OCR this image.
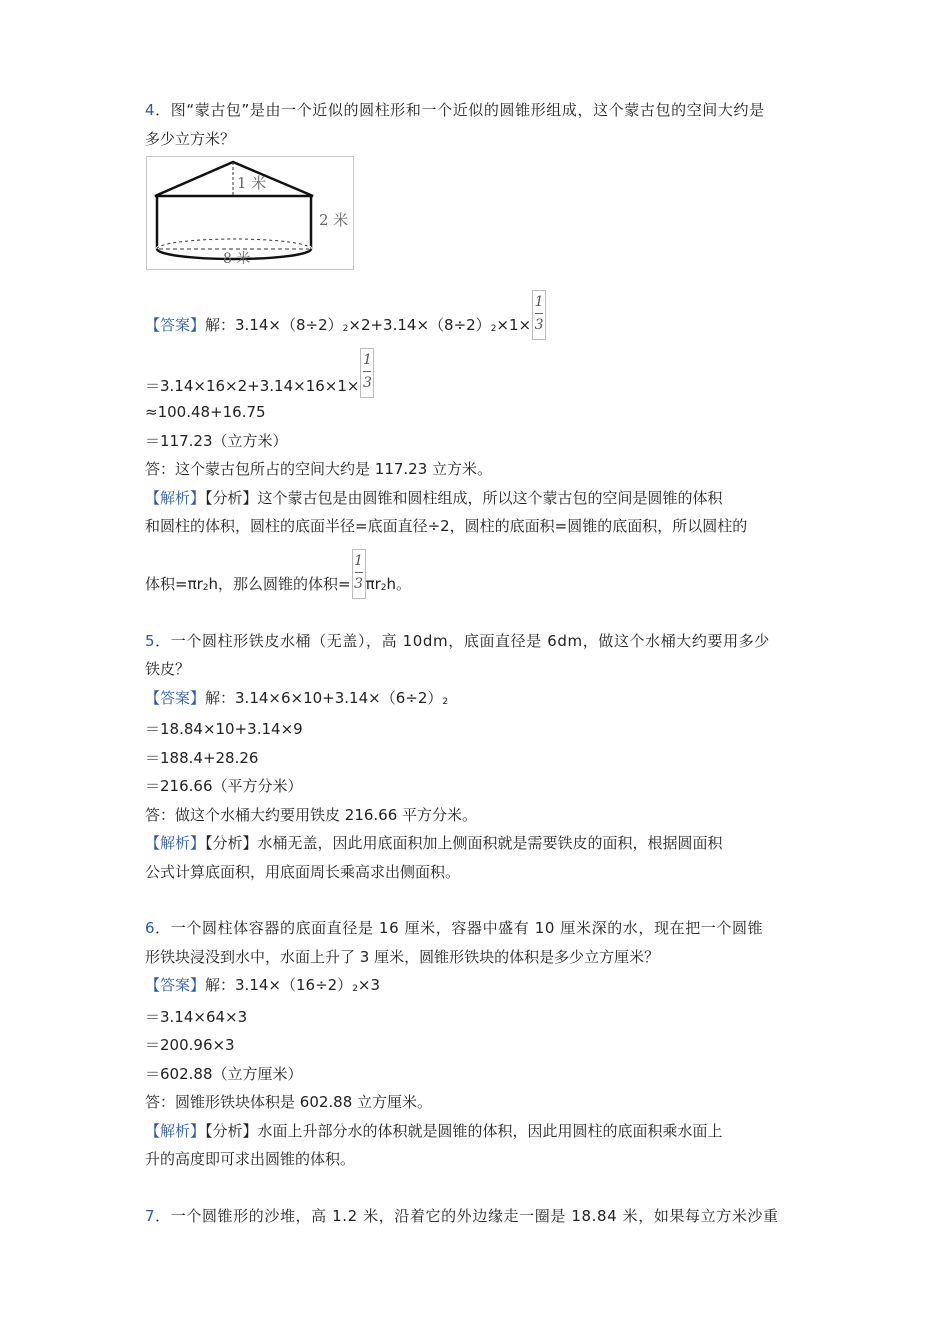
4．图“蒙古包”是由一个近似的圆柱形和一个近似的圆锥形组成，这个蒙古包的空间大约是
多少立方米？
1 米
2 米
8 米
【答案】解：$3.14\times(8\div 2)^2\times 2+3.14\times(8\div 2)^2\times 1\times \frac{1}{3}$
$=3.14\times 16\times 2+3.14\times 16\times 1\times \frac{1}{3}$
≈100.48+16.75
＝117.23（立方米）
答：这个蒙古包所占的空间大约是 117.23 立方米。
【解析】【分析】这个蒙古包是由圆锥和圆柱组成，所以这个蒙古包的空间是圆锥的体积
和圆柱的体积，圆柱的底面半径=底面直径÷2，圆柱的底面积=圆锥的底面积，所以圆柱的
体积$=\pi r^2h$，那么圆锥的体积= $\frac{1}{3} \pi r^2h$。
5．一个圆柱形铁皮水桶（无盖），高 10dm，底面直径是 6dm，做这个水桶大约要用多少
铁皮？
【答案】解：$3.14\times 6\times 10+3.14\times(6\div 2)^2$
＝18.84×10+3.14×9
＝188.4+28.26
＝216.66（平方分米）
答：做这个水桶大约要用铁皮 216.66 平方分米。
【解析】【分析】水桶无盖，因此用底面积加上侧面积就是需要铁皮的面积，根据圆面积
公式计算底面积，用底面周长乘高求出侧面积。
6．一个圆柱体容器的底面直径是 16 厘米，容器中盛有 10 厘米深的水，现在把一个圆锥
形铁块浸没到水中，水面上升了 3 厘米，圆锥形铁块的体积是多少立方厘米？
【答案】解：$3.14\times(16\div 2)^2\times 3$
＝3.14×64×3
＝200.96×3
＝602.88（立方厘米）
答：圆锥形铁块体积是 602.88 立方厘米。
【解析】【分析】水面上升部分水的体积就是圆锥的体积，因此用圆柱的底面积乘水面上
升的高度即可求出圆锥的体积。
7．一个圆锥形的沙堆，高 1.2 米，沿着它的外边缘走一圈是 18.84 米，如果每立方米沙重
